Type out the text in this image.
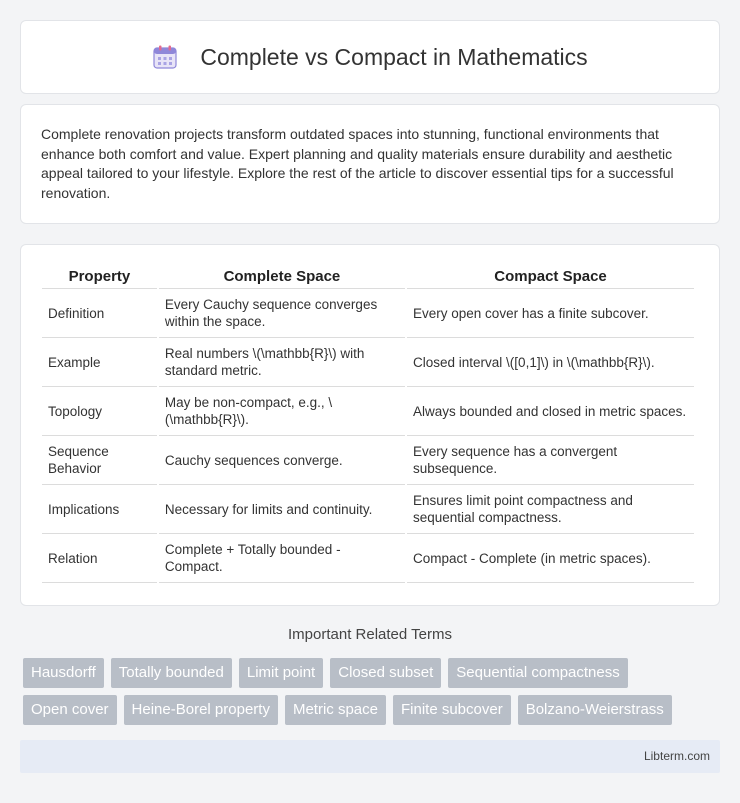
Complete vs Compact in Mathematics

Complete renovation projects transform outdated spaces into stunning, functional environments that enhance both comfort and value. Expert planning and quality materials ensure durability and aesthetic appeal tailored to your lifestyle. Explore the rest of the article to discover essential tips for a successful renovation.

Property	Complete Space	Compact Space
Definition	Every Cauchy sequence converges within the space.	Every open cover has a finite subcover.
Example	Real numbers \(\mathbb{R}\) with standard metric.	Closed interval \([0,1]\) in \(\mathbb{R}\).
Topology	May be non-compact, e.g., \(\mathbb{R}\).	Always bounded and closed in metric spaces.
Sequence Behavior	Cauchy sequences converge.	Every sequence has a convergent subsequence.
Implications	Necessary for limits and continuity.	Ensures limit point compactness and sequential compactness.
Relation	Complete + Totally bounded - Compact.	Compact - Complete (in metric spaces).
Important Related Terms
Hausdorff	Totally bounded	Limit point	Closed subset	Sequential compactness
Open cover	Heine-Borel property	Metric space	Finite subcover	Bolzano-Weierstrass
Libterm.com
